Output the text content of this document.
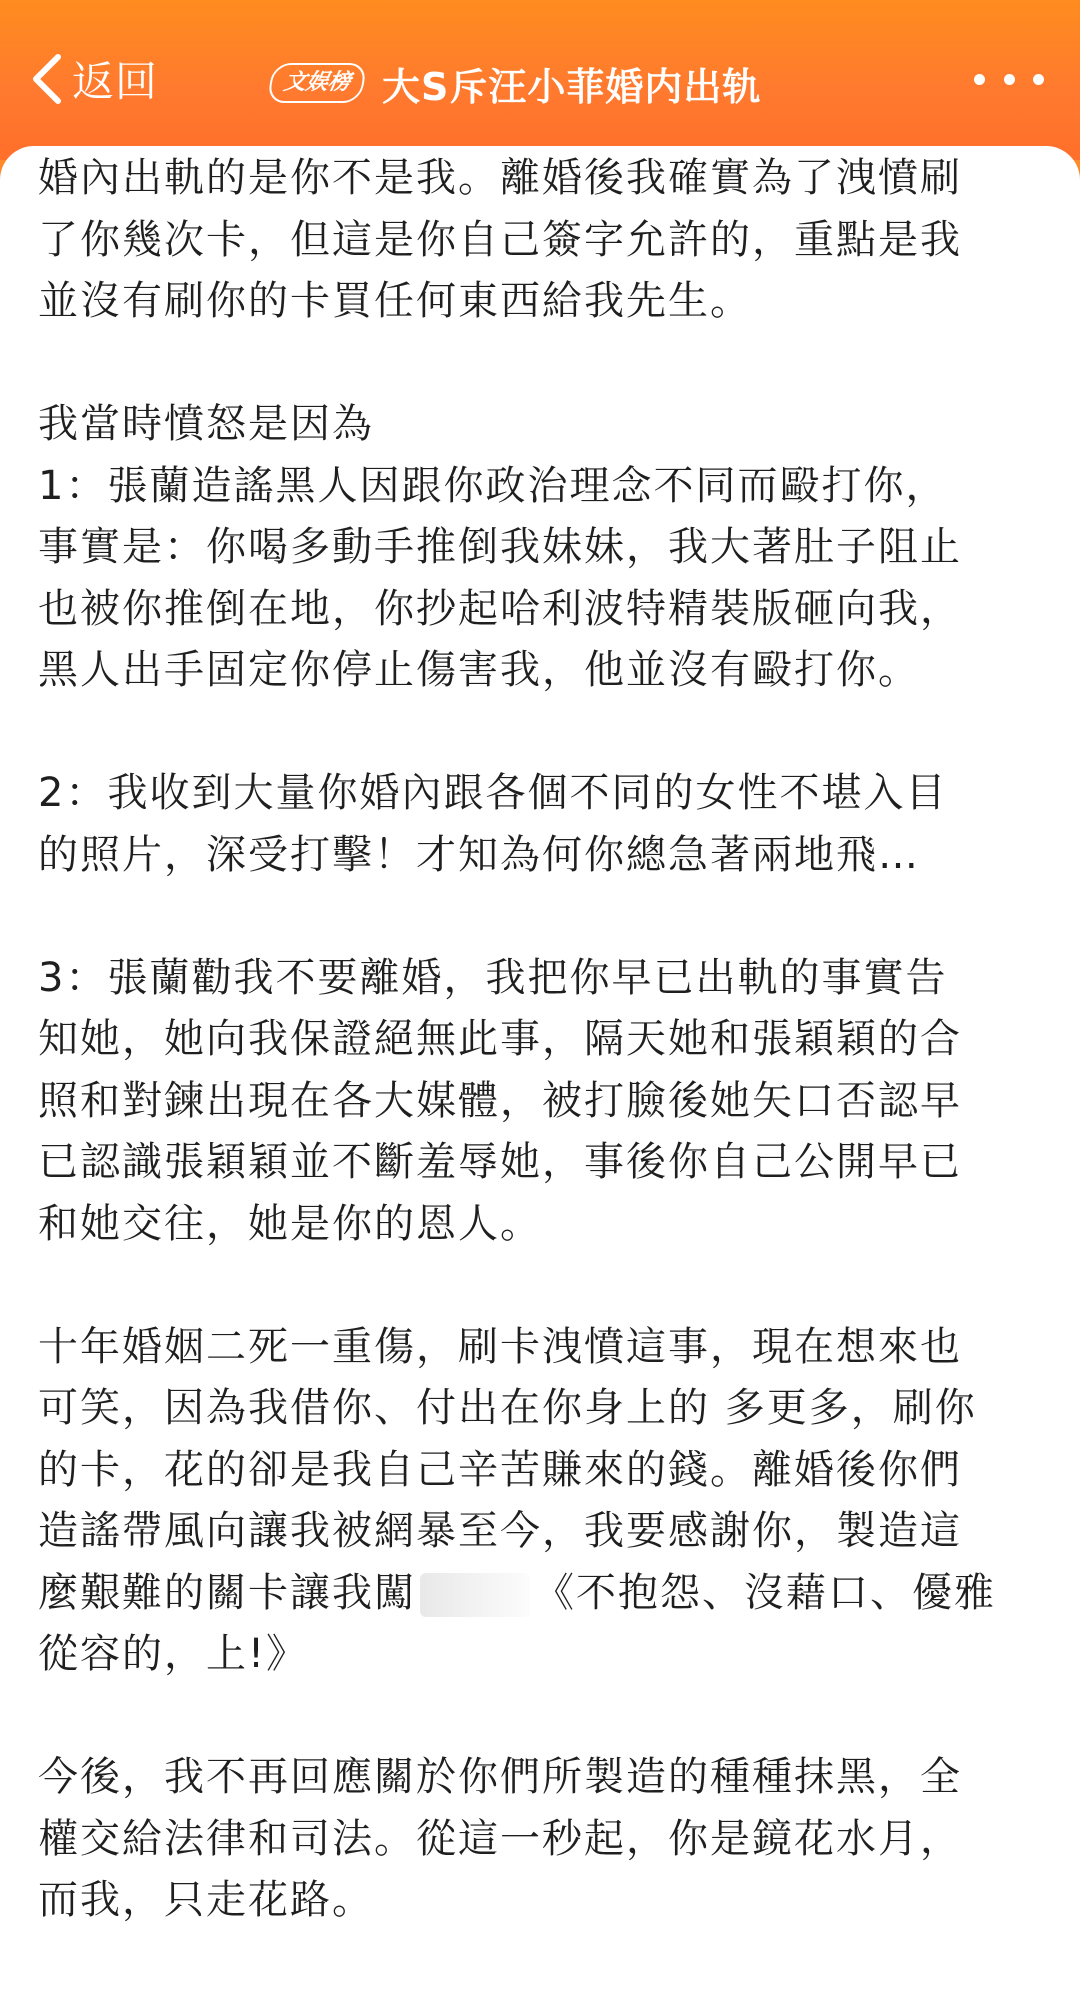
返回	文娱榜 大S斥汪小菲婚内出轨
婚內出軌的是你不是我。離婚後我確實為了洩憤刷
了你幾次卡，但這是你自己簽字允許的，重點是我
並沒有刷你的卡買任何東西給我先生。
我當時憤怒是因為
1：張蘭造謠黑人因跟你政治理念不同而毆打你，
事實是：你喝多動手推倒我妹妹，我大著肚子阻止
也被你推倒在地，你抄起哈利波特精裝版砸向我，
黑人出手固定你停止傷害我，他並沒有毆打你。
2：我收到大量你婚內跟各個不同的女性不堪入目
的照片，深受打擊！才知為何你總急著兩地飛…
3：張蘭勸我不要離婚，我把你早已出軌的事實告
知她，她向我保證絕無此事，隔天她和張穎穎的合
照和對鍊出現在各大媒體，被打臉後她矢口否認早
已認識張穎穎並不斷羞辱她，事後你自己公開早已
和她交往，她是你的恩人。
十年婚姻二死一重傷，刷卡洩憤這事，現在想來也
可笑，因為我借你、付出在你身上的 多更多，刷你
的卡，花的卻是我自己辛苦賺來的錢。離婚後你們
造謠帶風向讓我被網暴至今，我要感謝你，製造這
麼艱難的關卡讓我闖	《不抱怨、沒藉口、優雅
從容的，上!》
今後，我不再回應關於你們所製造的種種抹黑，全
權交給法律和司法。從這一秒起，你是鏡花水月，
而我，只走花路。
